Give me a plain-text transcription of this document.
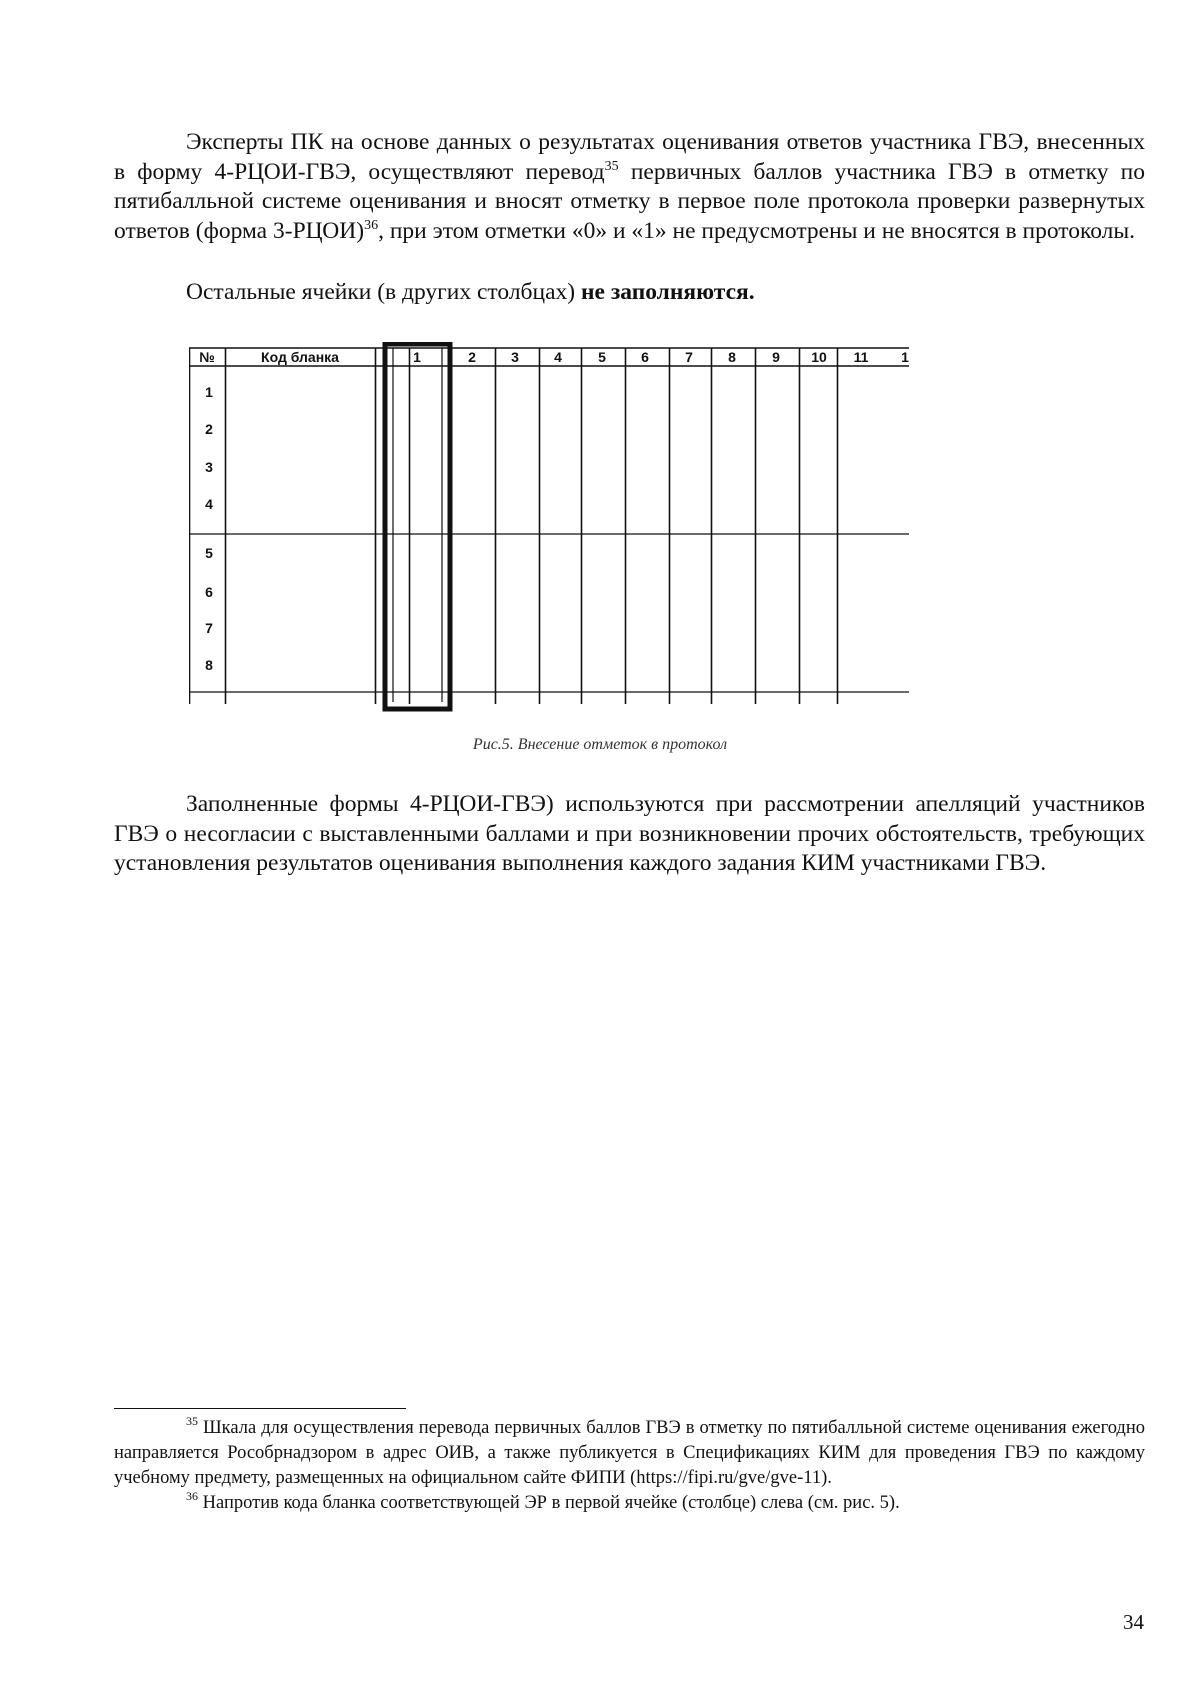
Эксперты ПК на основе данных о результатах оценивания ответов участника ГВЭ, внесенных в форму 4-РЦОИ-ГВЭ, осуществляют перевод$^{35}$ первичных баллов участника ГВЭ в отметку по пятибалльной системе оценивания и вносят отметку в первое поле протокола проверки развернутых ответов (форма 3-РЦОИ)$^{36}$, при этом отметки «0» и «1» не предусмотрены и не вносятся в протоколы.

Остальные ячейки (в других столбцах) не заполняются.

№	Код бланка	1	2	3	4	5	6	7	8	9 10 11 1
1
2
3
4
5
6
7
8
Рис.5. Внесение отметок в протокол

Заполненные формы 4-РЦОИ-ГВЭ) используются при рассмотрении апелляций участников ГВЭ о несогласии с выставленными баллами и при возникновении прочих обстоятельств, требующих установления результатов оценивания выполнения каждого задания КИМ участниками ГВЭ.

$^{35}$ Шкала для осуществления перевода первичных баллов ГВЭ в отметку по пятибалльной системе оценивания ежегодно направляется Рособрнадзором в адрес ОИВ, а также публикуется в Спецификациях КИМ для проведения ГВЭ по каждому учебному предмету, размещенных на официальном сайте ФИПИ (https://fipi.ru/gve/gve-11).

$^{36}$ Напротив кода бланка соответствующей ЭР в первой ячейке (столбце) слева (см. рис. 5).

34
